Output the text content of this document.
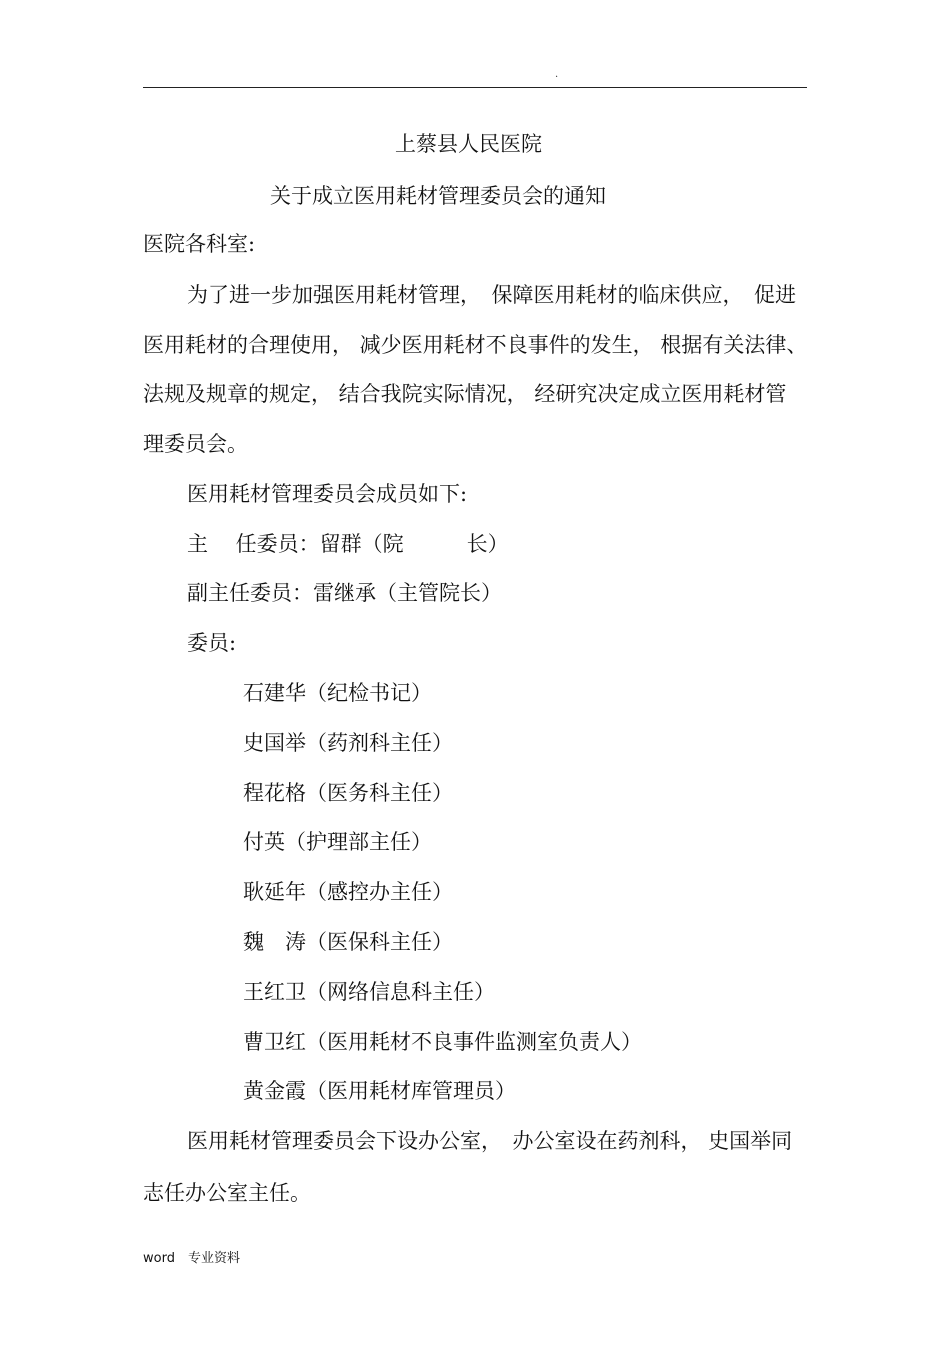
.
上蔡县人民医院
关于成立医用耗材管理委员会的通知
医院各科室:
为了进一步加强医用耗材管理，　保障医用耗材的临床供应，　促进
医用耗材的合理使用， 减少医用耗材不良事件的发生， 根据有关法律、
法规及规章的规定， 结合我院实际情况， 经研究决定成立医用耗材管
理委员会。
医用耗材管理委员会成员如下:
主　 任委员：留群（院　　　长）
副主任委员：雷继承（主管院长）
委员:
石建华（纪检书记）
史国举（药剂科主任）
程花格（医务科主任）
付英（护理部主任）
耿延年（感控办主任）
魏　涛（医保科主任）
王红卫（网络信息科主任）
曹卫红（医用耗材不良事件监测室负责人）
黄金霞（医用耗材库管理员）
医用耗材管理委员会下设办公室，　办公室设在药剂科， 史国举同
志任办公室主任。
word　专业资料
